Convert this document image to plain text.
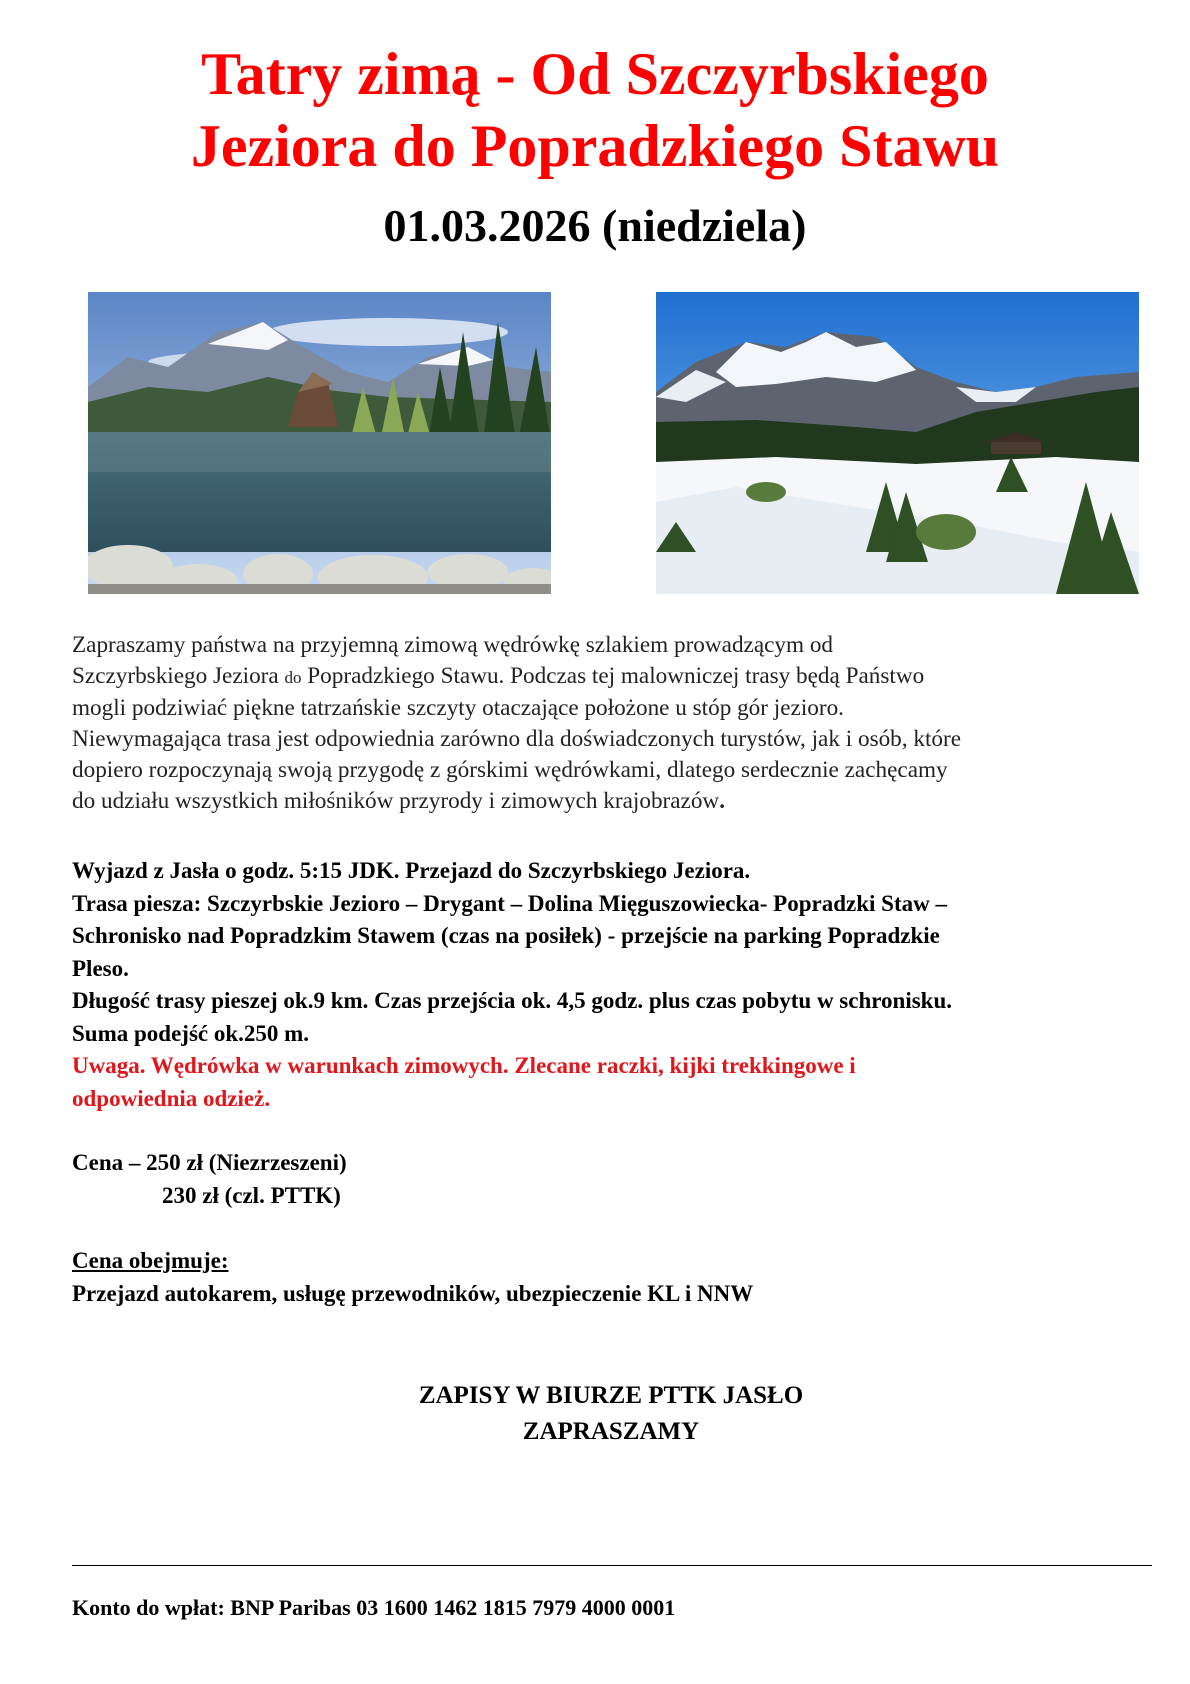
Tatry zimą - Od Szczyrbskiego
Jeziora do Popradzkiego Stawu
01.03.2026 (niedziela)
Zapraszamy państwa na przyjemną zimową wędrówkę szlakiem prowadzącym od
Szczyrbskiego Jeziora do Popradzkiego Stawu. Podczas tej malowniczej trasy będą Państwo
mogli podziwiać piękne tatrzańskie szczyty otaczające położone u stóp gór jezioro.
Niewymagająca trasa jest odpowiednia zarówno dla doświadczonych turystów, jak i osób, które
dopiero rozpoczynają swoją przygodę z górskimi wędrówkami, dlatego serdecznie zachęcamy
do udziału wszystkich miłośników przyrody i zimowych krajobrazów.
Wyjazd z Jasła o godz. 5:15 JDK. Przejazd do Szczyrbskiego Jeziora.
Trasa piesza: Szczyrbskie Jezioro – Drygant – Dolina Mięguszowiecka- Popradzki Staw –
Schronisko nad Popradzkim Stawem (czas na posiłek) - przejście na parking Popradzkie
Pleso.
Długość trasy pieszej ok.9 km. Czas przejścia ok. 4,5 godz. plus czas pobytu w schronisku.
Suma podejść ok.250 m.
Uwaga. Wędrówka w warunkach zimowych. Zlecane raczki, kijki trekkingowe i
odpowiednia odzież.
Cena – 250 zł (Niezrzeszeni)
230 zł (czl. PTTK)
Cena obejmuje:
Przejazd autokarem, usługę przewodników, ubezpieczenie KL i NNW
ZAPISY W BIURZE PTTK JASŁO
ZAPRASZAMY
Konto do wpłat: BNP Paribas 03 1600 1462 1815 7979 4000 0001
